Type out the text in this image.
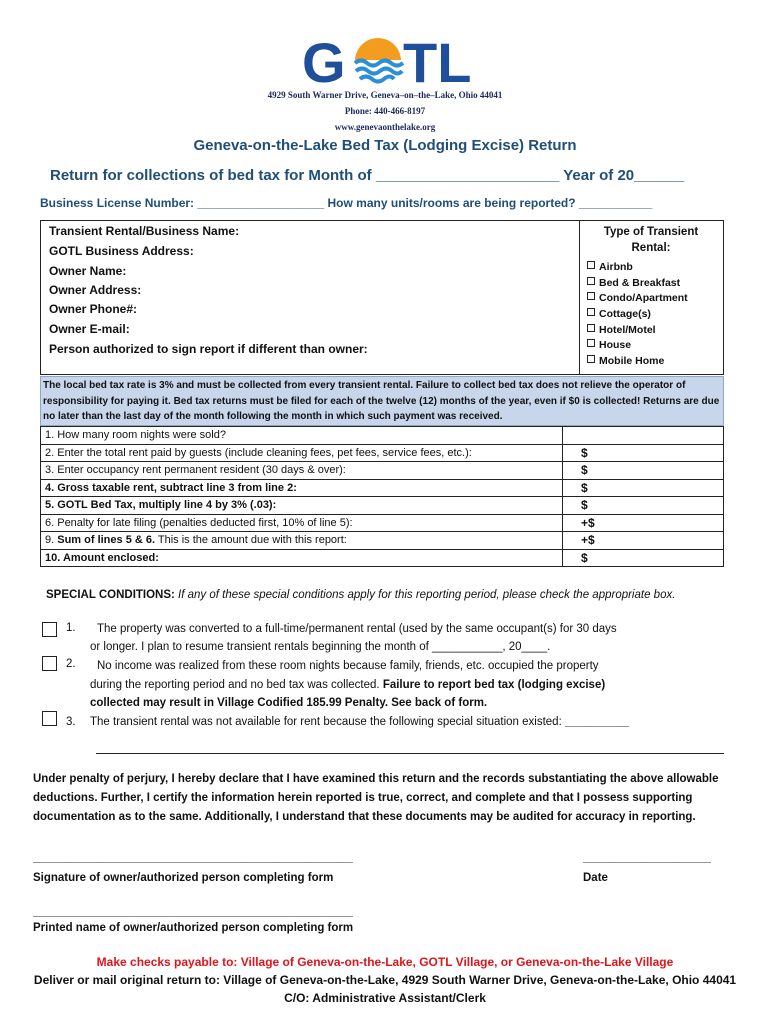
G TL
4929 South Warner Drive, Geneva–on–the–Lake, Ohio 44041
Phone: 440-466-8197
www.genevaonthelake.org
Geneva-on-the-Lake Bed Tax (Lodging Excise) Return
Return for collections of bed tax for Month of ______________________ Year of 20______
Business License Number: ___________________ How many units/rooms are being reported? ___________
Transient Rental/Business Name:
GOTL Business Address:
Owner Name:
Owner Address:
Owner Phone#:
Owner E-mail:
Person authorized to sign report if different than owner:
Type of Transient
Rental:
Airbnb
Bed & Breakfast
Condo/Apartment
Cottage(s)
Hotel/Motel
House
Mobile Home
The local bed tax rate is 3% and must be collected from every transient rental. Failure to collect bed tax does not relieve the operator of responsibility for paying it. Bed tax returns must be filed for each of the twelve (12) months of the year, even if $0 is collected! Returns are due no later than the last day of the month following the month in which such payment was received.
1. How many room nights were sold?	
2. Enter the total rent paid by guests (include cleaning fees, pet fees, service fees, etc.):	$
3. Enter occupancy rent permanent resident (30 days & over):	$
4. Gross taxable rent, subtract line 3 from line 2:	$
5. GOTL Bed Tax, multiply line 4 by 3% (.03):	$
6. Penalty for late filing (penalties deducted first, 10% of line 5):	+$
9. Sum of lines 5 & 6. This is the amount due with this report:	+$
10. Amount enclosed:	$
SPECIAL CONDITIONS: If any of these special conditions apply for this reporting period, please check the appropriate box.
1. The property was converted to a full-time/permanent rental (used by the same occupant(s) for 30 days
or longer. I plan to resume transient rentals beginning the month of ___________, 20____.
2. No income was realized from these room nights because family, friends, etc. occupied the property
during the reporting period and no bed tax was collected. Failure to report bed tax (lodging excise)
collected may result in Village Codified 185.99 Penalty. See back of form.
3. The transient rental was not available for rent because the following special situation existed: __________
Under penalty of perjury, I hereby declare that I have examined this return and the records substantiating the above allowable deductions. Further, I certify the information herein reported is true, correct, and complete and that I possess supporting documentation as to the same. Additionally, I understand that these documents may be audited for accuracy in reporting.
__________________________________________________
Signature of owner/authorized person completing form
____________________
Date
__________________________________________________
Printed name of owner/authorized person completing form
Make checks payable to: Village of Geneva-on-the-Lake, GOTL Village, or Geneva-on-the-Lake Village
Deliver or mail original return to: Village of Geneva-on-the-Lake, 4929 South Warner Drive, Geneva-on-the-Lake, Ohio 44041
C/O: Administrative Assistant/Clerk
